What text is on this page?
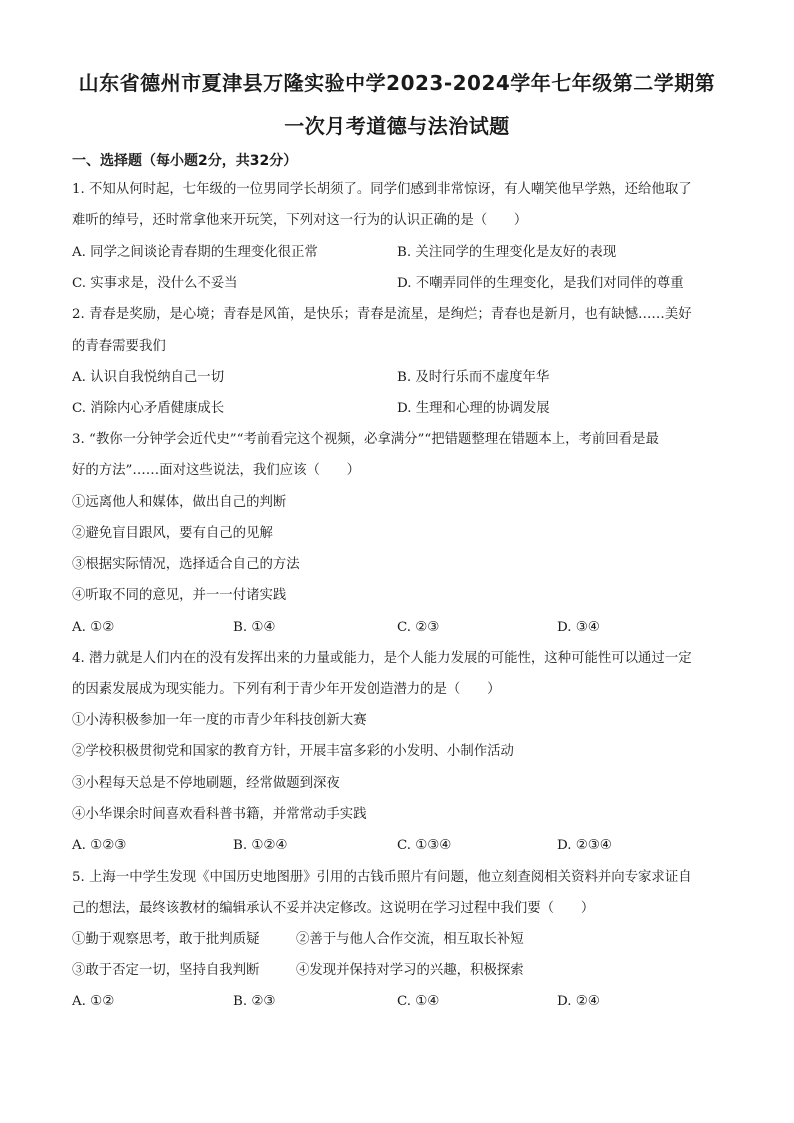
山东省德州市夏津县万隆实验中学2023-2024学年七年级第二学期第
一次月考道德与法治试题
一、选择题（每小题2分，共32分）
1. 不知从何时起，七年级的一位男同学长胡须了。同学们感到非常惊讶，有人嘲笑他早学熟，还给他取了
难听的绰号，还时常拿他来开玩笑，下列对这一行为的认识正确的是（　　）
A. 同学之间谈论青春期的生理变化很正常	B. 关注同学的生理变化是友好的表现
C. 实事求是，没什么不妥当	D. 不嘲弄同伴的生理变化，是我们对同伴的尊重
2. 青春是奖励，是心境；青春是风笛，是快乐；青春是流星，是绚烂；青春也是新月，也有缺憾……美好
的青春需要我们
A. 认识自我悦纳自己一切	B. 及时行乐而不虚度年华
C. 消除内心矛盾健康成长	D. 生理和心理的协调发展
3. “教你一分钟学会近代史”“考前看完这个视频，必拿满分”“把错题整理在错题本上，考前回看是最
好的方法”……面对这些说法，我们应该（　　）
①远离他人和媒体，做出自己的判断
②避免盲目跟风，要有自己的见解
③根据实际情况，选择适合自己的方法
④听取不同的意见，并一一付诸实践
A. ①②	B. ①④	C. ②③	D. ③④
4. 潜力就是人们内在的没有发挥出来的力量或能力，是个人能力发展的可能性，这种可能性可以通过一定
的因素发展成为现实能力。下列有利于青少年开发创造潜力的是（　　）
①小涛积极参加一年一度的市青少年科技创新大赛
②学校积极贯彻党和国家的教育方针，开展丰富多彩的小发明、小制作活动
③小程每天总是不停地刷题，经常做题到深夜
④小华课余时间喜欢看科普书籍，并常常动手实践
A. ①②③	B. ①②④	C. ①③④	D. ②③④
5. 上海一中学生发现《中国历史地图册》引用的古钱币照片有问题，他立刻查阅相关资料并向专家求证自
己的想法，最终该教材的编辑承认不妥并决定修改。这说明在学习过程中我们要（　　）
①勤于观察思考，敢于批判质疑	②善于与他人合作交流，相互取长补短
③敢于否定一切，坚持自我判断	④发现并保持对学习的兴趣，积极探索
A. ①②	B. ②③	C. ①④	D. ②④
